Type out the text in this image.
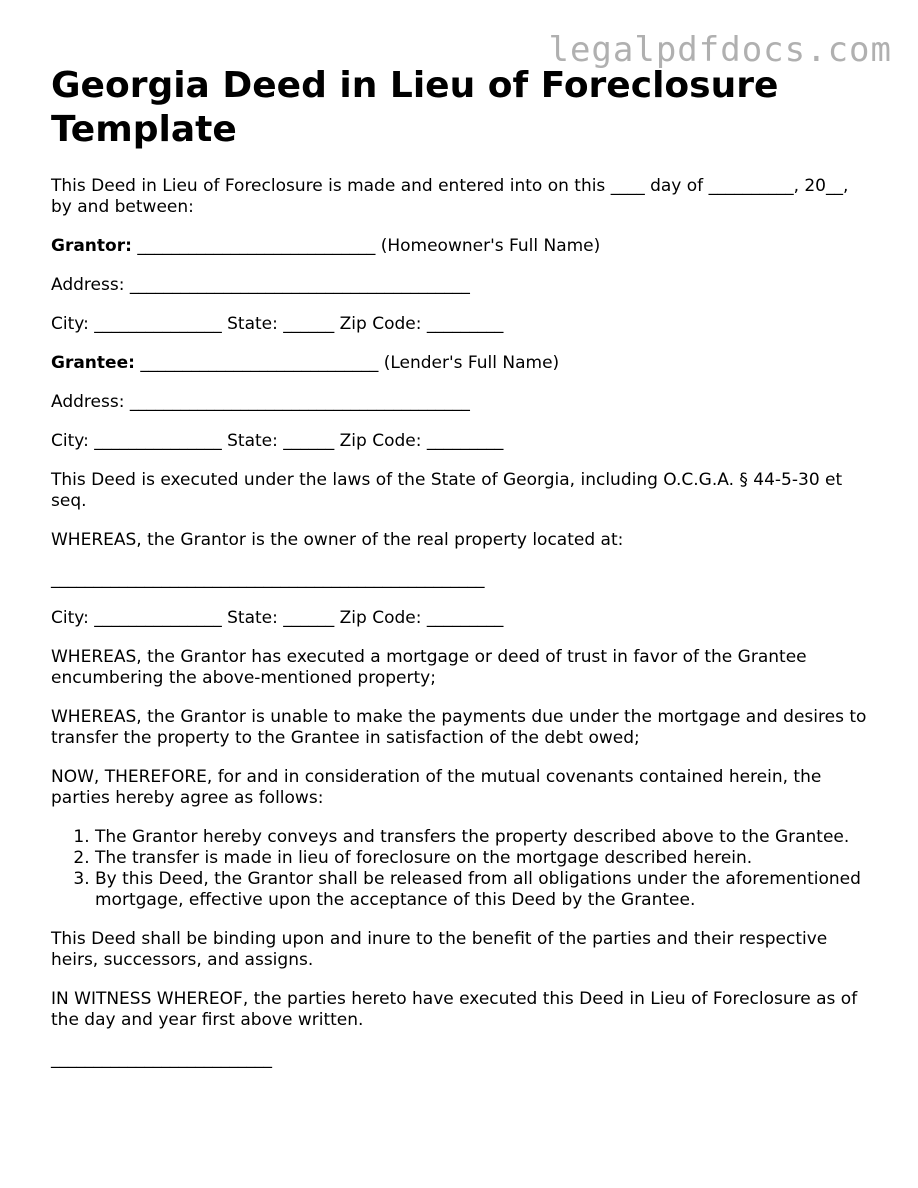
legalpdfdocs.com
Georgia Deed in Lieu of Foreclosure Template

This Deed in Lieu of Foreclosure is made and entered into on this ____ day of __________, 20__, by and between:

Grantor: ____________________________ (Homeowner's Full Name)

Address: ________________________________________

City: _______________ State: ______ Zip Code: _________

Grantee: ____________________________ (Lender's Full Name)

Address: ________________________________________

City: _______________ State: ______ Zip Code: _________

This Deed is executed under the laws of the State of Georgia, including O.C.G.A. § 44-5-30 et seq.

WHEREAS, the Grantor is the owner of the real property located at:

___________________________________________________

City: _______________ State: ______ Zip Code: _________

WHEREAS, the Grantor has executed a mortgage or deed of trust in favor of the Grantee encumbering the above-mentioned property;

WHEREAS, the Grantor is unable to make the payments due under the mortgage and desires to transfer the property to the Grantee in satisfaction of the debt owed;

NOW, THEREFORE, for and in consideration of the mutual covenants contained herein, the parties hereby agree as follows:

1. The Grantor hereby conveys and transfers the property described above to the Grantee.
2. The transfer is made in lieu of foreclosure on the mortgage described herein.
3. By this Deed, the Grantor shall be released from all obligations under the aforementioned mortgage, effective upon the acceptance of this Deed by the Grantee.

This Deed shall be binding upon and inure to the benefit of the parties and their respective heirs, successors, and assigns.

IN WITNESS WHEREOF, the parties hereto have executed this Deed in Lieu of Foreclosure as of the day and year first above written.

__________________________
